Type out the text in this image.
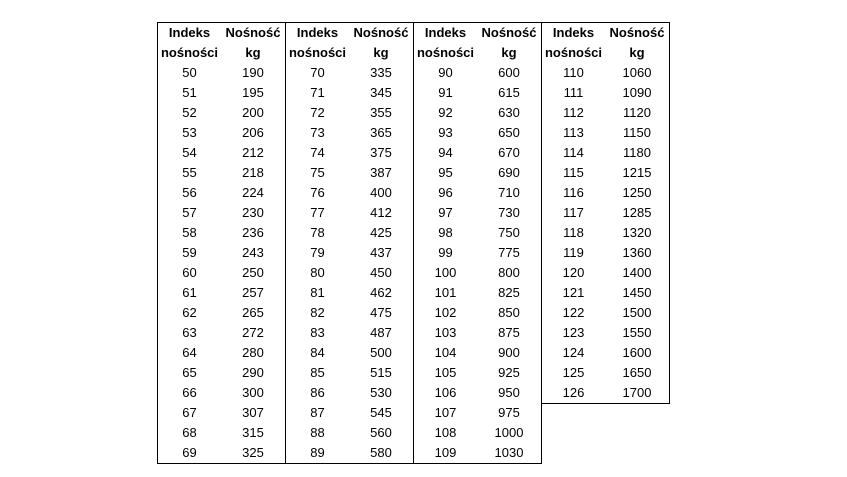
Indeks	Nośność
nośności	kg
50	190
51	195
52	200
53	206
54	212
55	218
56	224
57	230
58	236
59	243
60	250
61	257
62	265
63	272
64	280
65	290
66	300
67	307
68	315
69	325
Indeks	Nośność
nośności	kg
70	335
71	345
72	355
73	365
74	375
75	387
76	400
77	412
78	425
79	437
80	450
81	462
82	475
83	487
84	500
85	515
86	530
87	545
88	560
89	580
Indeks	Nośność
nośności	kg
90	600
91	615
92	630
93	650
94	670
95	690
96	710
97	730
98	750
99	775
100	800
101	825
102	850
103	875
104	900
105	925
106	950
107	975
108	1000
109	1030
Indeks	Nośność
nośności	kg
110	1060
111	1090
112	1120
113	1150
114	1180
115	1215
116	1250
117	1285
118	1320
119	1360
120	1400
121	1450
122	1500
123	1550
124	1600
125	1650
126	1700
